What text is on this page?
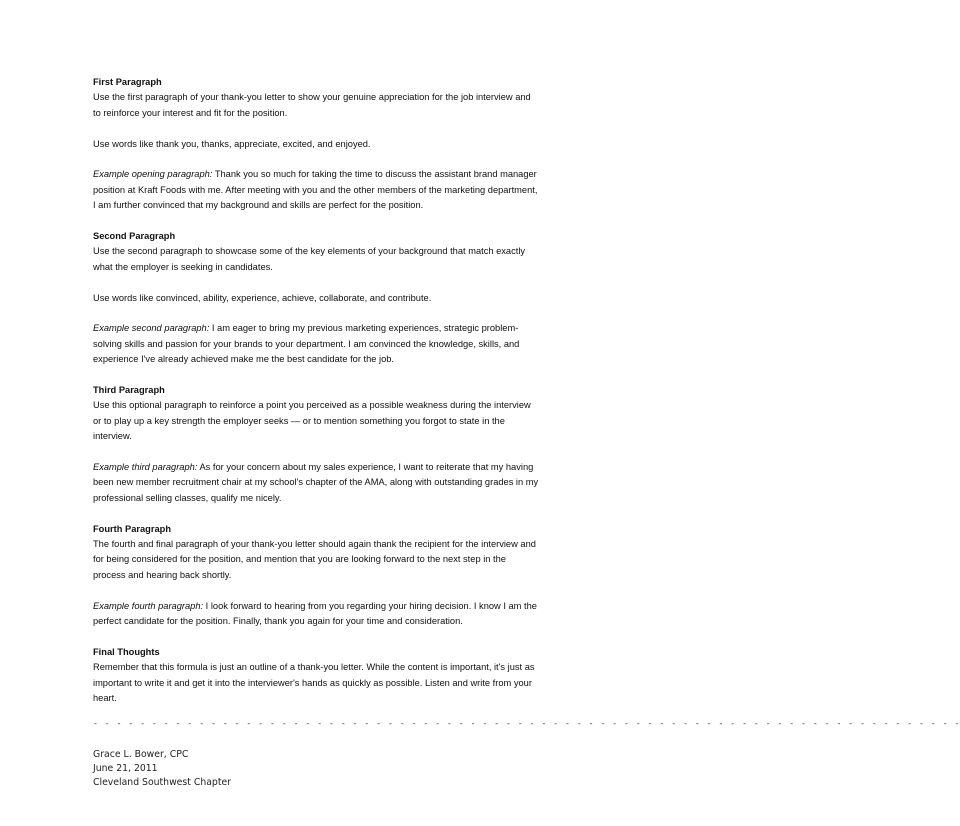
First Paragraph
Use the first paragraph of your thank-you letter to show your genuine appreciation for the job interview and
to reinforce your interest and fit for the position.
Use words like thank you, thanks, appreciate, excited, and enjoyed.
Example opening paragraph: Thank you so much for taking the time to discuss the assistant brand manager
position at Kraft Foods with me. After meeting with you and the other members of the marketing department,
I am further convinced that my background and skills are perfect for the position.
Second Paragraph
Use the second paragraph to showcase some of the key elements of your background that match exactly
what the employer is seeking in candidates.
Use words like convinced, ability, experience, achieve, collaborate, and contribute.
Example second paragraph: I am eager to bring my previous marketing experiences, strategic problem-
solving skills and passion for your brands to your department. I am convinced the knowledge, skills, and
experience I've already achieved make me the best candidate for the job.
Third Paragraph
Use this optional paragraph to reinforce a point you perceived as a possible weakness during the interview
or to play up a key strength the employer seeks — or to mention something you forgot to state in the
interview.
Example third paragraph: As for your concern about my sales experience, I want to reiterate that my having
been new member recruitment chair at my school's chapter of the AMA, along with outstanding grades in my
professional selling classes, qualify me nicely.
Fourth Paragraph
The fourth and final paragraph of your thank-you letter should again thank the recipient for the interview and
for being considered for the position, and mention that you are looking forward to the next step in the
process and hearing back shortly.
Example fourth paragraph: I look forward to hearing from you regarding your hiring decision. I know I am the
perfect candidate for the position. Finally, thank you again for your time and consideration.
Final Thoughts
Remember that this formula is just an outline of a thank-you letter. While the content is important, it's just as
important to write it and get it into the interviewer's hands as quickly as possible. Listen and write from your
heart.
- - - - - - - - - - - - - - - - - - - - - - - - - - - - - - - - - - - - - - - - - - - - - - - - - - - - - - - - - - - - - - - - - - - - - - - - - -
Grace L. Bower, CPC
June 21, 2011
Cleveland Southwest Chapter
